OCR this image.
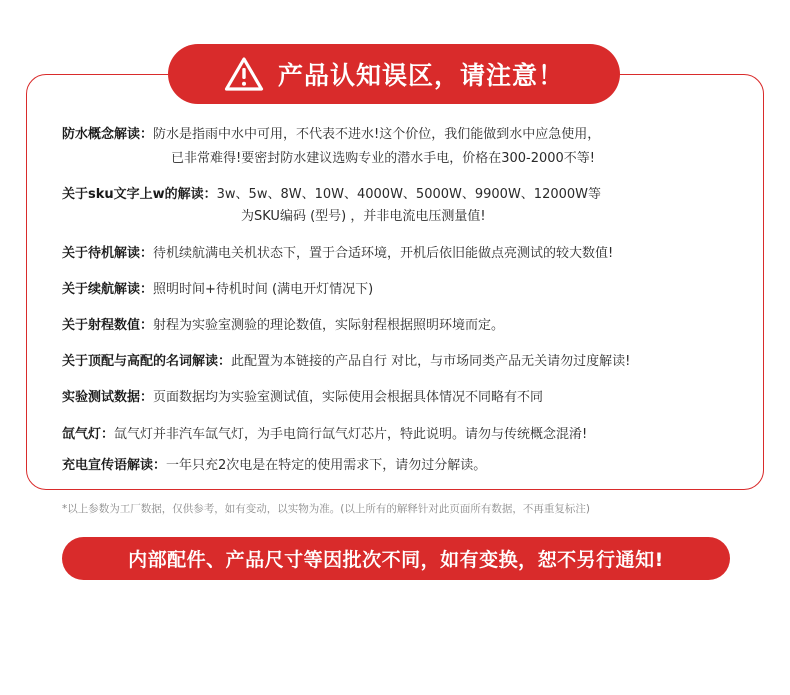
产品认知误区，请注意！
防水概念解读：防水是指雨中水中可用，不代表不进水!这个价位，我们能做到水中应急使用，
已非常难得!要密封防水建议选购专业的潜水手电，价格在300-2000不等!
关于sku文字上w的解读：3w、5w、8W、10W、4000W、5000W、9900W、12000W等
为SKU编码 (型号) ，并非电流电压测量值!
关于待机解读：待机续航满电关机状态下，置于合适环境，开机后依旧能做点亮测试的较大数值!
关于续航解读：照明时间+待机时间 (满电开灯情况下)
关于射程数值：射程为实验室测验的理论数值，实际射程根据照明环境而定。
关于顶配与高配的名词解读：此配置为本链接的产品自行 对比，与市场同类产品无关请勿过度解读!
实验测试数据：页面数据均为实验室测试值，实际使用会根据具体情况不同略有不同
氙气灯：氙气灯并非汽车氙气灯，为手电筒行氙气灯芯片，特此说明。请勿与传统概念混淆!
充电宣传语解读：一年只充2次电是在特定的使用需求下，请勿过分解读。
*以上参数为工厂数据，仅供参考，如有变动，以实物为准。(以上所有的解释针对此页面所有数据，不再重复标注)
内部配件、产品尺寸等因批次不同，如有变换，恕不另行通知!
